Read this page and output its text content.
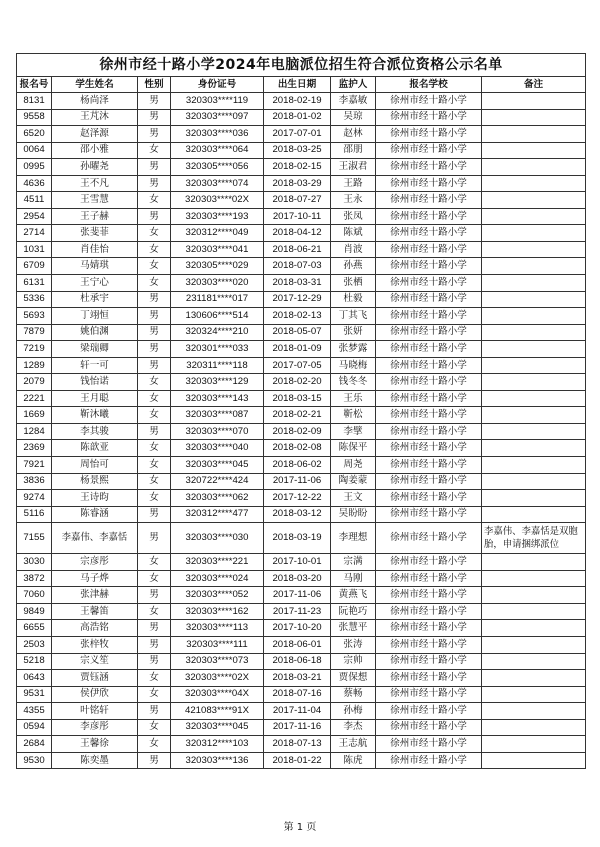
徐州市经十路小学2024年电脑派位招生符合派位资格公示名单							
报名号	学生姓名	性别	身份证号	出生日期	监护人	报名学校	备注
8131	杨尚泽	男	320303****119	2018-02-19	李嘉敏	徐州市经十路小学	
9558	王芃沐	男	320303****097	2018-01-02	吴琼	徐州市经十路小学	
6520	赵泽源	男	320303****036	2017-07-01	赵林	徐州市经十路小学	
0064	邵小雅	女	320303****064	2018-03-25	邵朋	徐州市经十路小学	
0995	孙曜尧	男	320305****056	2018-02-15	王淑君	徐州市经十路小学	
4636	王不凡	男	320303****074	2018-03-29	王路	徐州市经十路小学	
4511	王雪慧	女	320303****02X	2018-07-27	王永	徐州市经十路小学	
2954	王子赫	男	320303****193	2017-10-11	张凤	徐州市经十路小学	
2714	张斐菲	女	320312****049	2018-04-12	陈斌	徐州市经十路小学	
1031	肖佳怡	女	320303****041	2018-06-21	肖波	徐州市经十路小学	
6709	马婧琪	女	320305****029	2018-07-03	孙燕	徐州市经十路小学	
6131	王宁心	女	320303****020	2018-03-31	张栖	徐州市经十路小学	
5336	杜承宇	男	231181****017	2017-12-29	杜毅	徐州市经十路小学	
5693	丁翊恒	男	130606****514	2018-02-13	丁其飞	徐州市经十路小学	
7879	姚伯渊	男	320324****210	2018-05-07	张妍	徐州市经十路小学	
7219	梁瑞卿	男	320301****033	2018-01-09	张梦露	徐州市经十路小学	
1289	轩一可	男	320311****118	2017-07-05	马晓梅	徐州市经十路小学	
2079	钱怡诺	女	320303****129	2018-02-20	钱冬冬	徐州市经十路小学	
2221	王月聪	女	320303****143	2018-03-15	王乐	徐州市经十路小学	
1669	靳沐曦	女	320303****087	2018-02-21	靳松	徐州市经十路小学	
1284	李其骏	男	320303****070	2018-02-09	李擘	徐州市经十路小学	
2369	陈歆亚	女	320303****040	2018-02-08	陈保平	徐州市经十路小学	
7921	周怡可	女	320303****045	2018-06-02	周尧	徐州市经十路小学	
3836	杨景熙	女	320722****424	2017-11-06	陶姜蒙	徐州市经十路小学	
9274	王诗昀	女	320303****062	2017-12-22	王文	徐州市经十路小学	
5116	陈睿涵	男	320312****477	2018-03-12	吴盼盼	徐州市经十路小学	
7155	李嘉伟、李嘉恬	男	320303****030	2018-03-19	李理想	徐州市经十路小学	李嘉伟、李嘉恬是双胞胎，申请捆绑派位
3030	宗彦彤	女	320303****221	2017-10-01	宗满	徐州市经十路小学	
3872	马子烨	女	320303****024	2018-03-20	马刚	徐州市经十路小学	
7060	张津赫	男	320303****052	2017-11-06	黄燕飞	徐州市经十路小学	
9849	王馨笛	女	320303****162	2017-11-23	阮艳巧	徐州市经十路小学	
6655	高浩铭	男	320303****113	2017-10-20	张慧平	徐州市经十路小学	
2503	张梓牧	男	320303****111	2018-06-01	张涛	徐州市经十路小学	
5218	宗义笙	男	320303****073	2018-06-18	宗帅	徐州市经十路小学	
0643	贾钰涵	女	320303****02X	2018-03-21	贾保想	徐州市经十路小学	
9531	侯伊欣	女	320303****04X	2018-07-16	蔡畅	徐州市经十路小学	
4355	叶铭轩	男	421083****91X	2017-11-04	孙梅	徐州市经十路小学	
0594	李彦彤	女	320303****045	2017-11-16	李杰	徐州市经十路小学	
2684	王馨徐	女	320312****103	2018-07-13	王志航	徐州市经十路小学	
9530	陈奕墨	男	320303****136	2018-01-22	陈虎	徐州市经十路小学	
第 1 页
